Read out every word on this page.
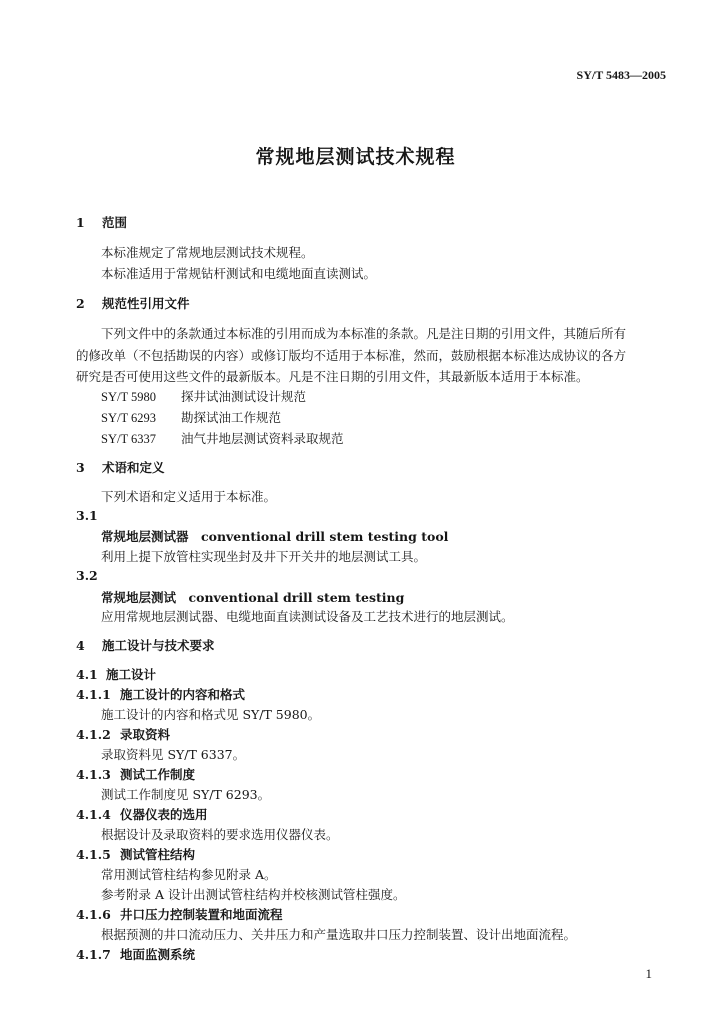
SY/T 5483—2005
常规地层测试技术规程
1 范围
本标准规定了常规地层测试技术规程。
本标准适用于常规钻杆测试和电缆地面直读测试。
2 规范性引用文件
下列文件中的条款通过本标准的引用而成为本标准的条款。凡是注日期的引用文件，其随后所有
的修改单（不包括勘误的内容）或修订版均不适用于本标准，然而，鼓励根据本标准达成协议的各方
研究是否可使用这些文件的最新版本。凡是不注日期的引用文件，其最新版本适用于本标准。
SY/T 5980 探井试油测试设计规范
SY/T 6293 勘探试油工作规范
SY/T 6337 油气井地层测试资料录取规范
3 术语和定义
下列术语和定义适用于本标准。
3.1
常规地层测试器　conventional drill stem testing tool
利用上提下放管柱实现坐封及井下开关井的地层测试工具。
3.2
常规地层测试　conventional drill stem testing
应用常规地层测试器、电缆地面直读测试设备及工艺技术进行的地层测试。
4 施工设计与技术要求
4.1 施工设计
4.1.1 施工设计的内容和格式
施工设计的内容和格式见 SY/T 5980。
4.1.2 录取资料
录取资料见 SY/T 6337。
4.1.3 测试工作制度
测试工作制度见 SY/T 6293。
4.1.4 仪器仪表的选用
根据设计及录取资料的要求选用仪器仪表。
4.1.5 测试管柱结构
常用测试管柱结构参见附录 A。
参考附录 A 设计出测试管柱结构并校核测试管柱强度。
4.1.6 井口压力控制装置和地面流程
根据预测的井口流动压力、关井压力和产量选取井口压力控制装置、设计出地面流程。
4.1.7 地面监测系统
1
